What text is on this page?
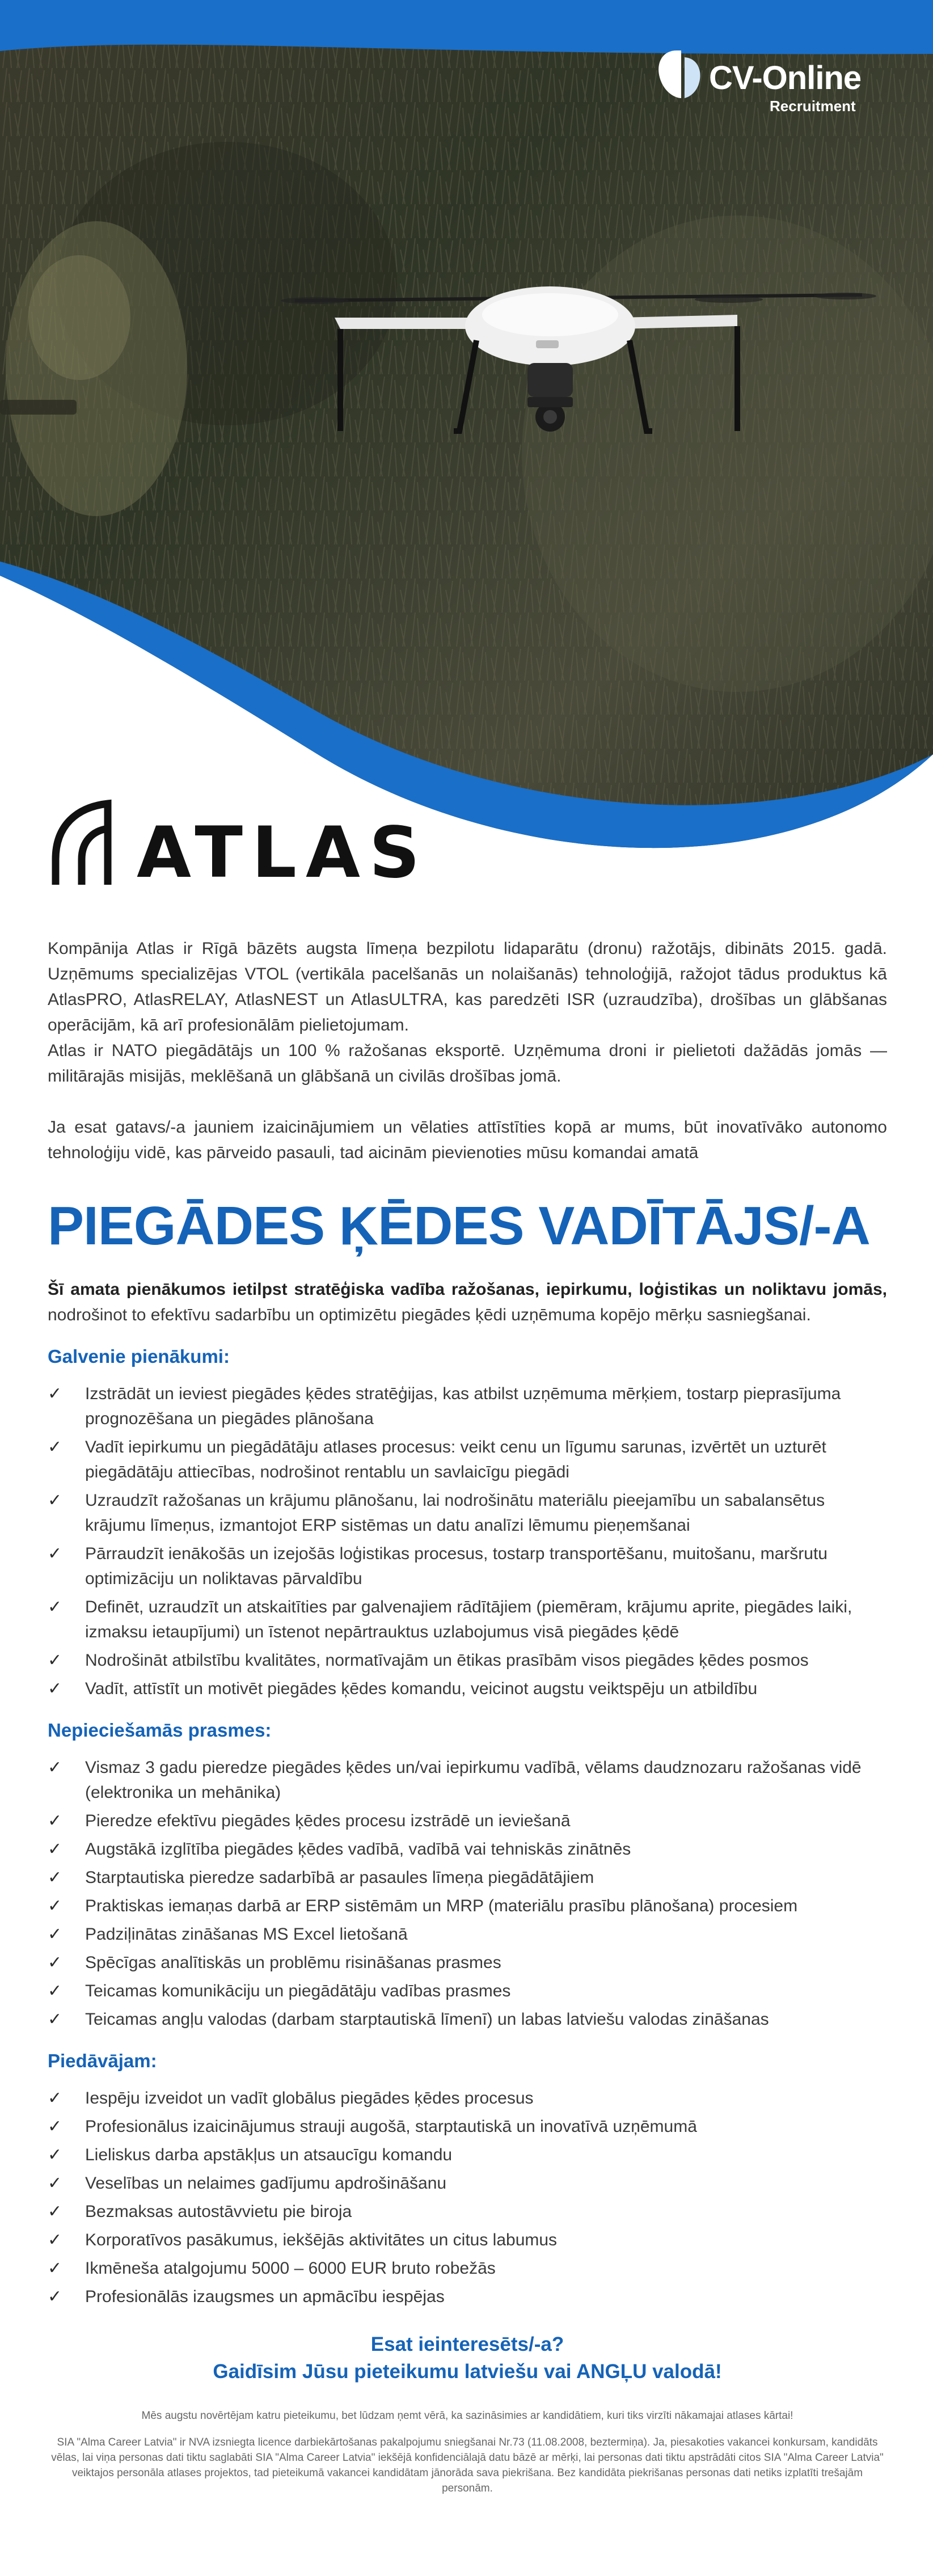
CV-Online
Recruitment
ATLAS

Kompānija Atlas ir Rīgā bāzēts augsta līmeņa bezpilotu lidaparātu (dronu) ražotājs, dibināts 2015. gadā. Uzņēmums specializējas VTOL (vertikāla pacelšanās un nolaišanās) tehnoloģijā, ražojot tādus produktus kā AtlasPRO, AtlasRELAY, AtlasNEST un AtlasULTRA, kas paredzēti ISR (uzraudzība), drošības un glābšanas operācijām, kā arī profesionālām pielietojumam.

Atlas ir NATO piegādātājs un 100 % ražošanas eksportē. Uzņēmuma droni ir pielietoti dažādās jomās — militārajās misijās, meklēšanā un glābšanā un civilās drošības jomā.

Ja esat gatavs/-a jauniem izaicinājumiem un vēlaties attīstīties kopā ar mums, būt inovatīvāko autonomo tehnoloģiju vidē, kas pārveido pasauli, tad aicinām pievienoties mūsu komandai amatā

PIEGĀDES ĶĒDES VADĪTĀJS/-A

Šī amata pienākumos ietilpst stratēģiska vadība ražošanas, iepirkumu, loģistikas un noliktavu jomās, nodrošinot to efektīvu sadarbību un optimizētu piegādes ķēdi uzņēmuma kopējo mērķu sasniegšanai.

Galvenie pienākumi:
✓ Izstrādāt un ieviest piegādes ķēdes stratēģijas, kas atbilst uzņēmuma mērķiem, tostarp pieprasījuma prognozēšana un piegādes plānošana
✓ Vadīt iepirkumu un piegādātāju atlases procesus: veikt cenu un līgumu sarunas, izvērtēt un uzturēt piegādātāju attiecības, nodrošinot rentablu un savlaicīgu piegādi
✓ Uzraudzīt ražošanas un krājumu plānošanu, lai nodrošinātu materiālu pieejamību un sabalansētus krājumu līmeņus, izmantojot ERP sistēmas un datu analīzi lēmumu pieņemšanai
✓ Pārraudzīt ienākošās un izejošās loģistikas procesus, tostarp transportēšanu, muitošanu, maršrutu optimizāciju un noliktavas pārvaldību
✓ Definēt, uzraudzīt un atskaitīties par galvenajiem rādītājiem (piemēram, krājumu aprite, piegādes laiki, izmaksu ietaupījumi) un īstenot nepārtrauktus uzlabojumus visā piegādes ķēdē
✓ Nodrošināt atbilstību kvalitātes, normatīvajām un ētikas prasībām visos piegādes ķēdes posmos
✓ Vadīt, attīstīt un motivēt piegādes ķēdes komandu, veicinot augstu veiktspēju un atbildību
Nepieciešamās prasmes:
✓ Vismaz 3 gadu pieredze piegādes ķēdes un/vai iepirkumu vadībā, vēlams daudznozaru ražošanas vidē (elektronika un mehānika)
✓ Pieredze efektīvu piegādes ķēdes procesu izstrādē un ieviešanā
✓ Augstākā izglītība piegādes ķēdes vadībā, vadībā vai tehniskās zinātnēs
✓ Starptautiska pieredze sadarbībā ar pasaules līmeņa piegādātājiem
✓ Praktiskas iemaņas darbā ar ERP sistēmām un MRP (materiālu prasību plānošana) procesiem
✓ Padziļinātas zināšanas MS Excel lietošanā
✓ Spēcīgas analītiskās un problēmu risināšanas prasmes
✓ Teicamas komunikāciju un piegādātāju vadības prasmes
✓ Teicamas angļu valodas (darbam starptautiskā līmenī) un labas latviešu valodas zināšanas
Piedāvājam:
✓ Iespēju izveidot un vadīt globālus piegādes ķēdes procesus
✓ Profesionālus izaicinājumus strauji augošā, starptautiskā un inovatīvā uzņēmumā
✓ Lieliskus darba apstākļus un atsaucīgu komandu
✓ Veselības un nelaimes gadījumu apdrošināšanu
✓ Bezmaksas autostāvvietu pie biroja
✓ Korporatīvos pasākumus, iekšējās aktivitātes un citus labumus
✓ Ikmēneša atalgojumu 5000 – 6000 EUR bruto robežās
✓ Profesionālās izaugsmes un apmācību iespējas
Esat ieinteresēts/-a?
Gaidīsim Jūsu pieteikumu latviešu vai ANGĻU valodā!

Mēs augstu novērtējam katru pieteikumu, bet lūdzam ņemt vērā, ka sazināsimies ar kandidātiem, kuri tiks virzīti nākamajai atlases kārtai!

SIA "Alma Career Latvia" ir NVA izsniegta licence darbiekārtošanas pakalpojumu sniegšanai Nr.73 (11.08.2008, beztermiņa). Ja, piesakoties vakancei konkursam, kandidāts vēlas, lai viņa personas dati tiktu saglabāti SIA "Alma Career Latvia" iekšējā konfidenciālajā datu bāzē ar mērķi, lai personas dati tiktu apstrādāti citos SIA "Alma Career Latvia" veiktajos personāla atlases projektos, tad pieteikumā vakancei kandidātam jānorāda sava piekrišana. Bez kandidāta piekrišanas personas dati netiks izplatīti trešajām personām.
